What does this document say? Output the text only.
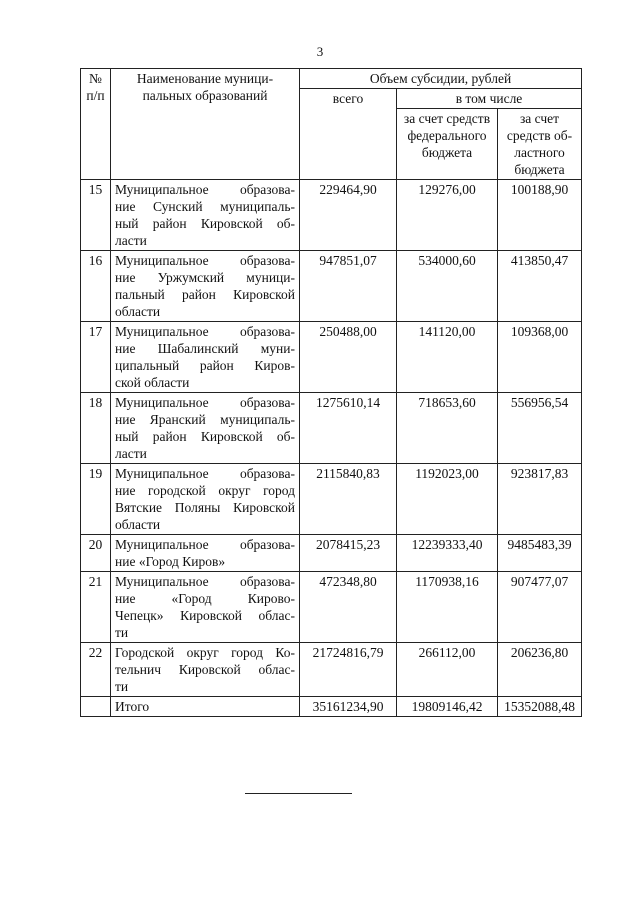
3
№ п/п	Наименование муници-пальных образований	Объем субсидии, рублей		
		всего	в том числе	
			за счет средств федерального бюджета	за счет средств об-ластного бюджета
15	Муниципальное образова-
ние Сунский муниципаль-
ный район Кировской об-
ласти	229464,90	129276,00	100188,90
16	Муниципальное образова-
ние Уржумский муници-
пальный район Кировской
области	947851,07	534000,60	413850,47
17	Муниципальное образова-
ние Шабалинский муни-
ципальный район Киров-
ской области	250488,00	141120,00	109368,00
18	Муниципальное образова-
ние Яранский муниципаль-
ный район Кировской об-
ласти	1275610,14	718653,60	556956,54
19	Муниципальное образова-
ние городской округ город
Вятские Поляны Кировской
области	2115840,83	1192023,00	923817,83
20	Муниципальное образова-
ние «Город Киров»	2078415,23	12239333,40	9485483,39
21	Муниципальное образова-
ние «Город Кирово-
Чепецк» Кировской облас-
ти	472348,80	1170938,16	907477,07
22	Городской округ город Ко-
тельнич Кировской облас-
ти	21724816,79	266112,00	206236,80
	Итого	35161234,90	19809146,42	15352088,48
